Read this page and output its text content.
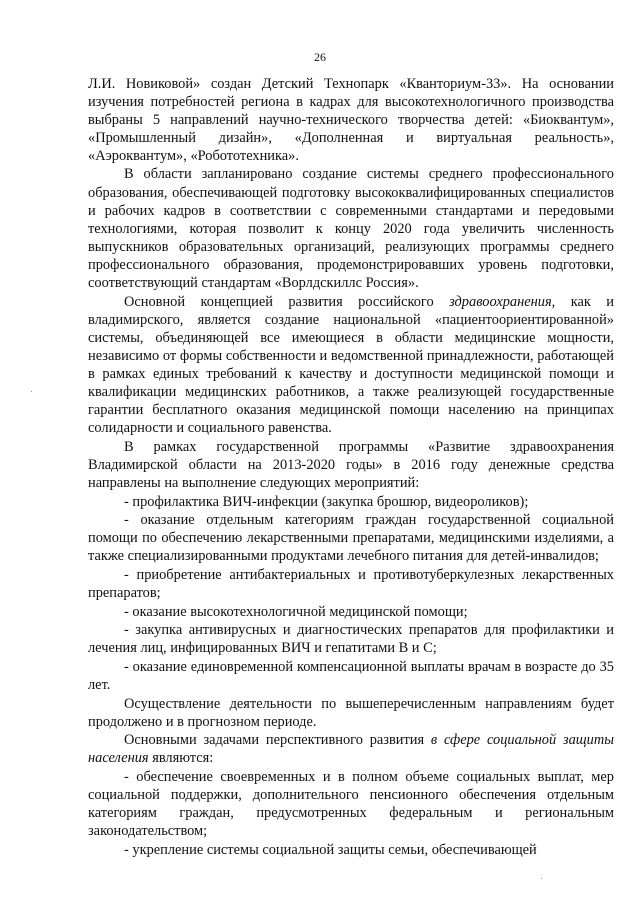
26

Л.И. Новиковой» создан Детский Технопарк «Кванториум-33». На основании изучения потребностей региона в кадрах для высокотехнологичного производства выбраны 5 направлений научно-технического творчества детей: «Биоквантум», «Промышленный дизайн», «Дополненная и виртуальная реальность», «Аэроквантум», «Робототехника».

В области запланировано создание системы среднего профессионального образования, обеспечивающей подготовку высококвалифицированных специалистов и рабочих кадров в соответствии с современными стандартами и передовыми технологиями, которая позволит к концу 2020 года увеличить численность выпускников образовательных организаций, реализующих программы среднего профессионального образования, продемонстрировавших уровень подготовки, соответствующий стандартам «Ворлдскиллс Россия».

Основной концепцией развития российского здравоохранения, как и владимирского, является создание национальной «пациентоориентированной» системы, объединяющей все имеющиеся в области медицинские мощности, независимо от формы собственности и ведомственной принадлежности, работающей в рамках единых требований к качеству и доступности медицинской помощи и квалификации медицинских работников, а также реализующей государственные гарантии бесплатного оказания медицинской помощи населению на принципах солидарности и социального равенства.

В рамках государственной программы «Развитие здравоохранения Владимирской области на 2013-2020 годы» в 2016 году денежные средства направлены на выполнение следующих мероприятий:

- профилактика ВИЧ-инфекции (закупка брошюр, видеороликов);

- оказание отдельным категориям граждан государственной социальной помощи по обеспечению лекарственными препаратами, медицинскими изделиями, а также специализированными продуктами лечебного питания для детей-инвалидов;

- приобретение антибактериальных и противотуберкулезных лекарственных препаратов;

- оказание высокотехнологичной медицинской помощи;

- закупка антивирусных и диагностических препаратов для профилактики и лечения лиц, инфицированных ВИЧ и гепатитами В и С;

- оказание единовременной компенсационной выплаты врачам в возрасте до 35 лет.

Осуществление деятельности по вышеперечисленным направлениям будет продолжено и в прогнозном периоде.

Основными задачами перспективного развития в сфере социальной защиты населения являются:

- обеспечение своевременных и в полном объеме социальных выплат, мер социальной поддержки, дополнительного пенсионного обеспечения отдельным категориям граждан, предусмотренных федеральным и региональным законодательством;

- укрепление системы социальной защиты семьи, обеспечивающей

.
.
